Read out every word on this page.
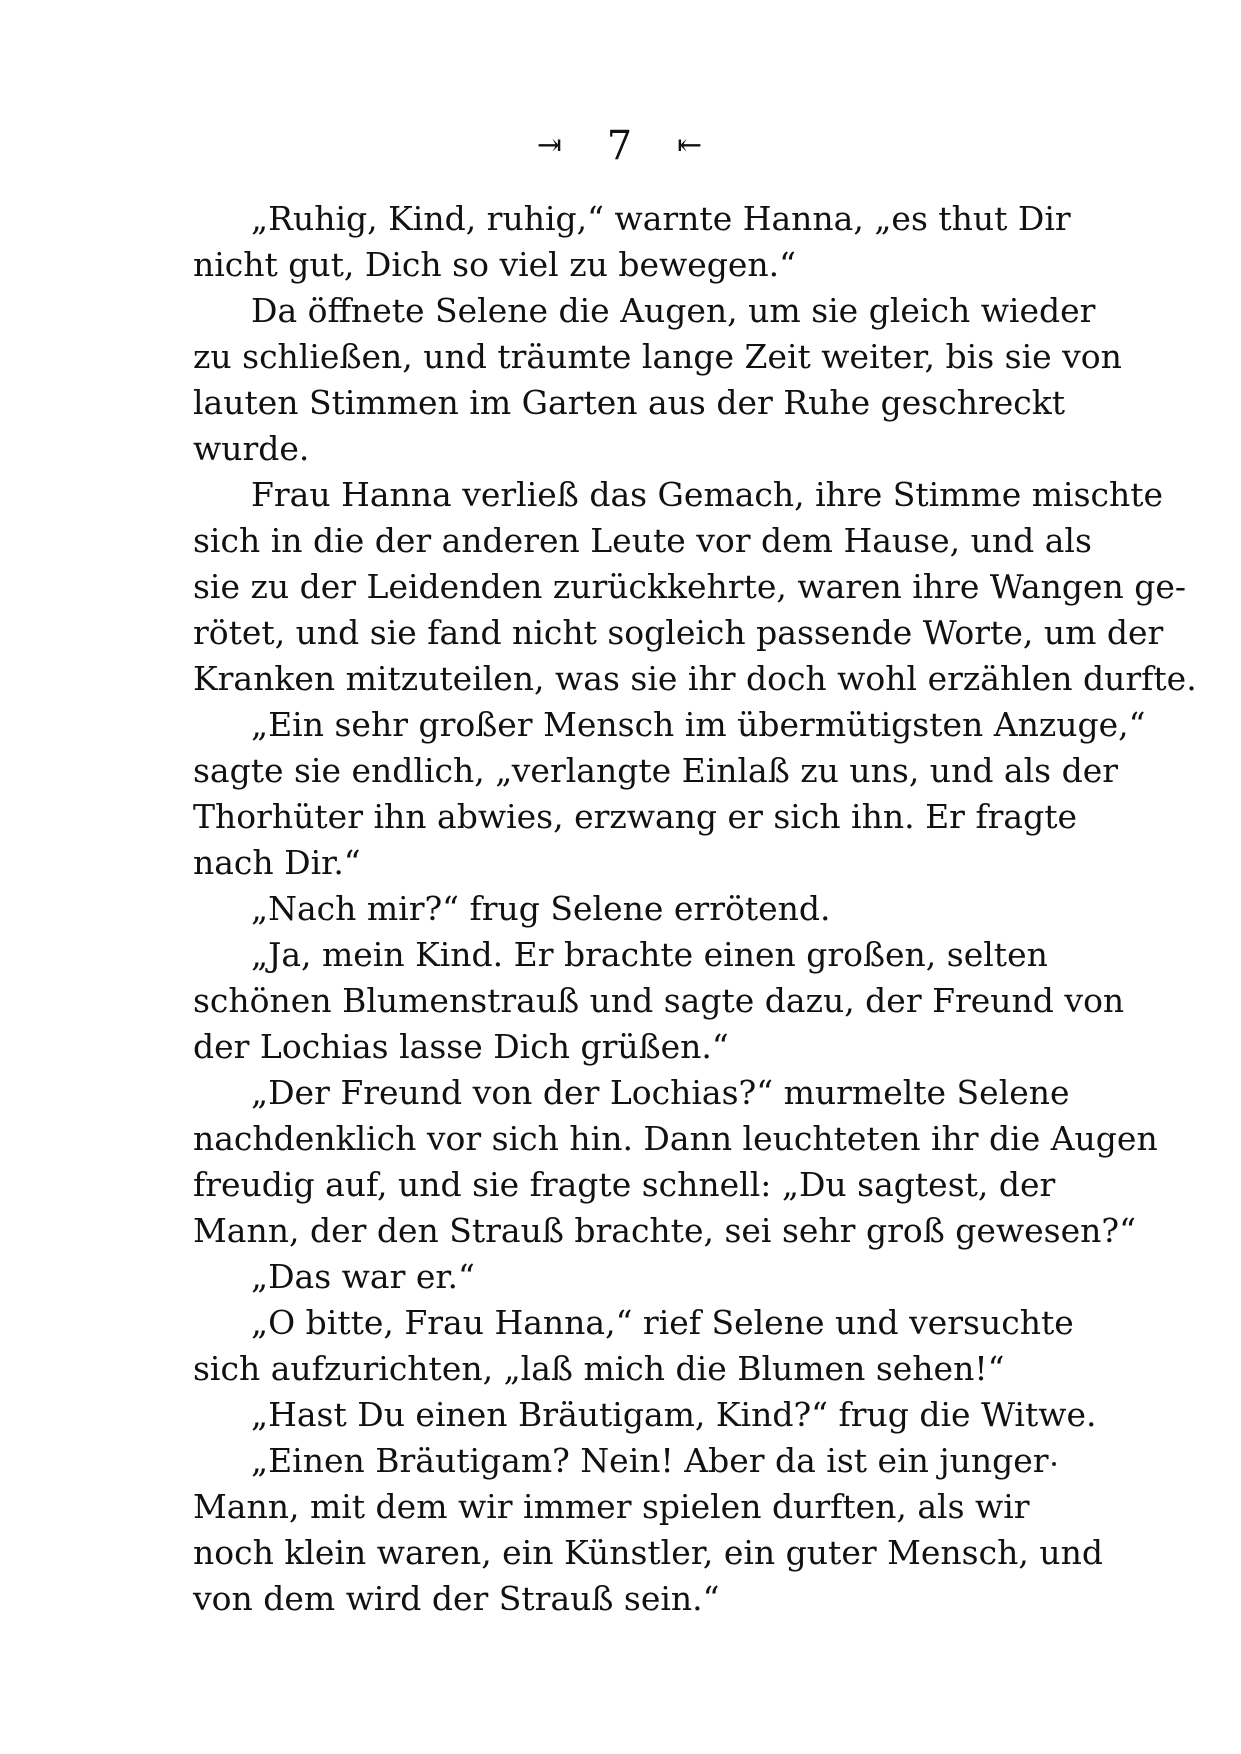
⇥ 7 ⇤
„Ruhig, Kind, ruhig,“ warnte Hanna, „es thut Dir
nicht gut, Dich so viel zu bewegen.“
Da öffnete Selene die Augen, um sie gleich wieder
zu schließen, und träumte lange Zeit weiter, bis sie von
lauten Stimmen im Garten aus der Ruhe geschreckt
wurde.
Frau Hanna verließ das Gemach, ihre Stimme mischte
sich in die der anderen Leute vor dem Hause, und als
sie zu der Leidenden zurückkehrte, waren ihre Wangen ge-
rötet, und sie fand nicht sogleich passende Worte, um der
Kranken mitzuteilen, was sie ihr doch wohl erzählen durfte.
„Ein sehr großer Mensch im übermütigsten Anzuge,“
sagte sie endlich, „verlangte Einlaß zu uns, und als der
Thorhüter ihn abwies, erzwang er sich ihn. Er fragte
nach Dir.“
„Nach mir?“ frug Selene errötend.
„Ja, mein Kind. Er brachte einen großen, selten
schönen Blumenstrauß und sagte dazu, der Freund von
der Lochias lasse Dich grüßen.“
„Der Freund von der Lochias?“ murmelte Selene
nachdenklich vor sich hin. Dann leuchteten ihr die Augen
freudig auf, und sie fragte schnell: „Du sagtest, der
Mann, der den Strauß brachte, sei sehr groß gewesen?“
„Das war er.“
„O bitte, Frau Hanna,“ rief Selene und versuchte
sich aufzurichten, „laß mich die Blumen sehen!“
„Hast Du einen Bräutigam, Kind?“ frug die Witwe.
„Einen Bräutigam? Nein! Aber da ist ein junger
Mann, mit dem wir immer spielen durften, als wir
noch klein waren, ein Künstler, ein guter Mensch, und
von dem wird der Strauß sein.“
